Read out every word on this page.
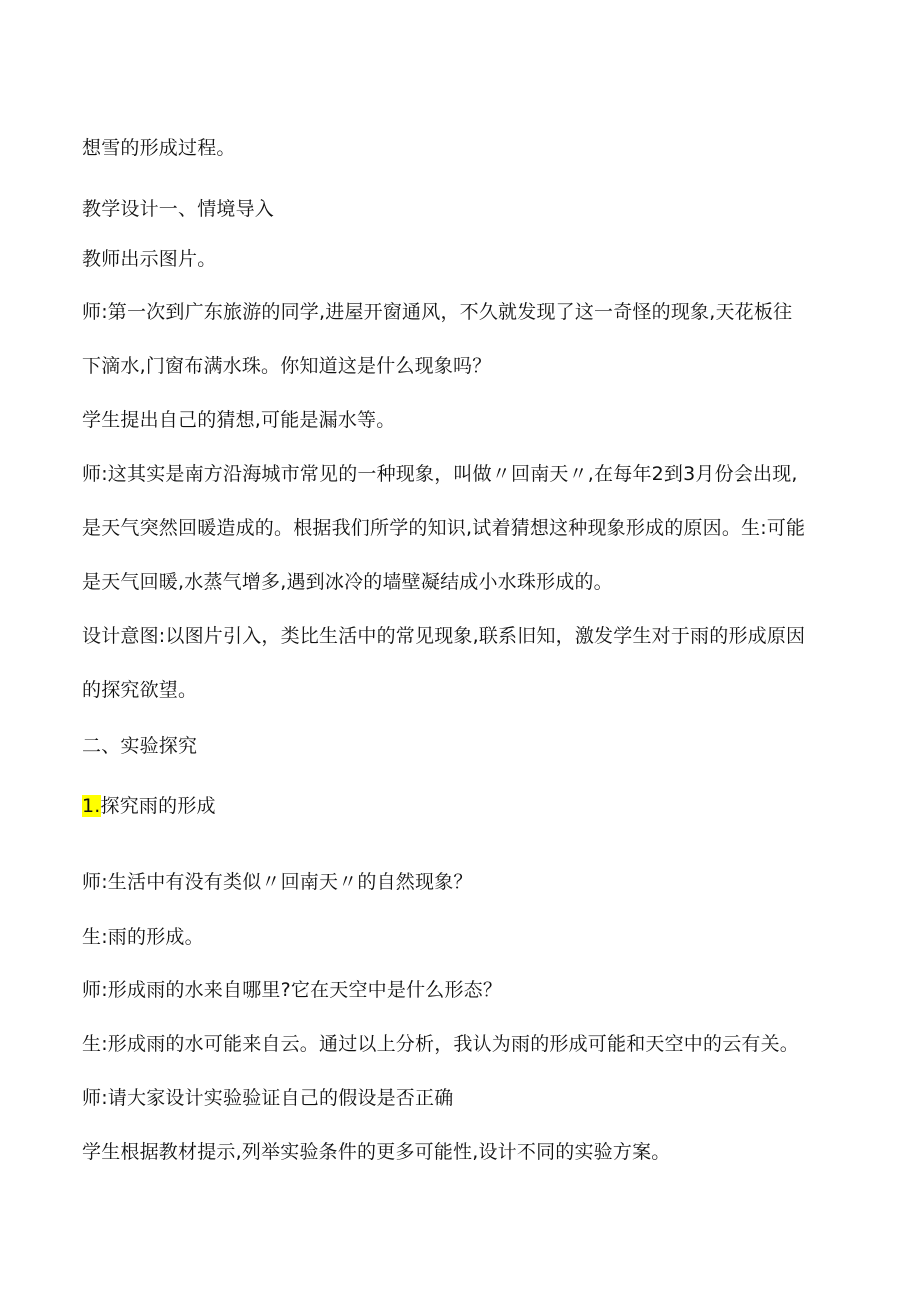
想雪的形成过程。
教学设计一、情境导入
教师出示图片。
师:第一次到广东旅游的同学,进屋开窗通风，不久就发现了这一奇怪的现象,天花板往
下滴水,门窗布满水珠。你知道这是什么现象吗？
学生提出自己的猜想,可能是漏水等。
师:这其实是南方沿海城市常见的一种现象，叫做〃回南天〃,在每年2到3月份会出现,
是天气突然回暖造成的。根据我们所学的知识,试着猜想这种现象形成的原因。生:可能
是天气回暖,水蒸气增多,遇到冰冷的墙壁凝结成小水珠形成的。
设计意图:以图片引入，类比生活中的常见现象,联系旧知，激发学生对于雨的形成原因
的探究欲望。
二、实验探究
1.探究雨的形成
师:生活中有没有类似〃回南天〃的自然现象？
生:雨的形成。
师:形成雨的水来自哪里?它在天空中是什么形态？
生:形成雨的水可能来自云。通过以上分析，我认为雨的形成可能和天空中的云有关。
师:请大家设计实验验证自己的假设是否正确
学生根据教材提示,列举实验条件的更多可能性,设计不同的实验方案。
